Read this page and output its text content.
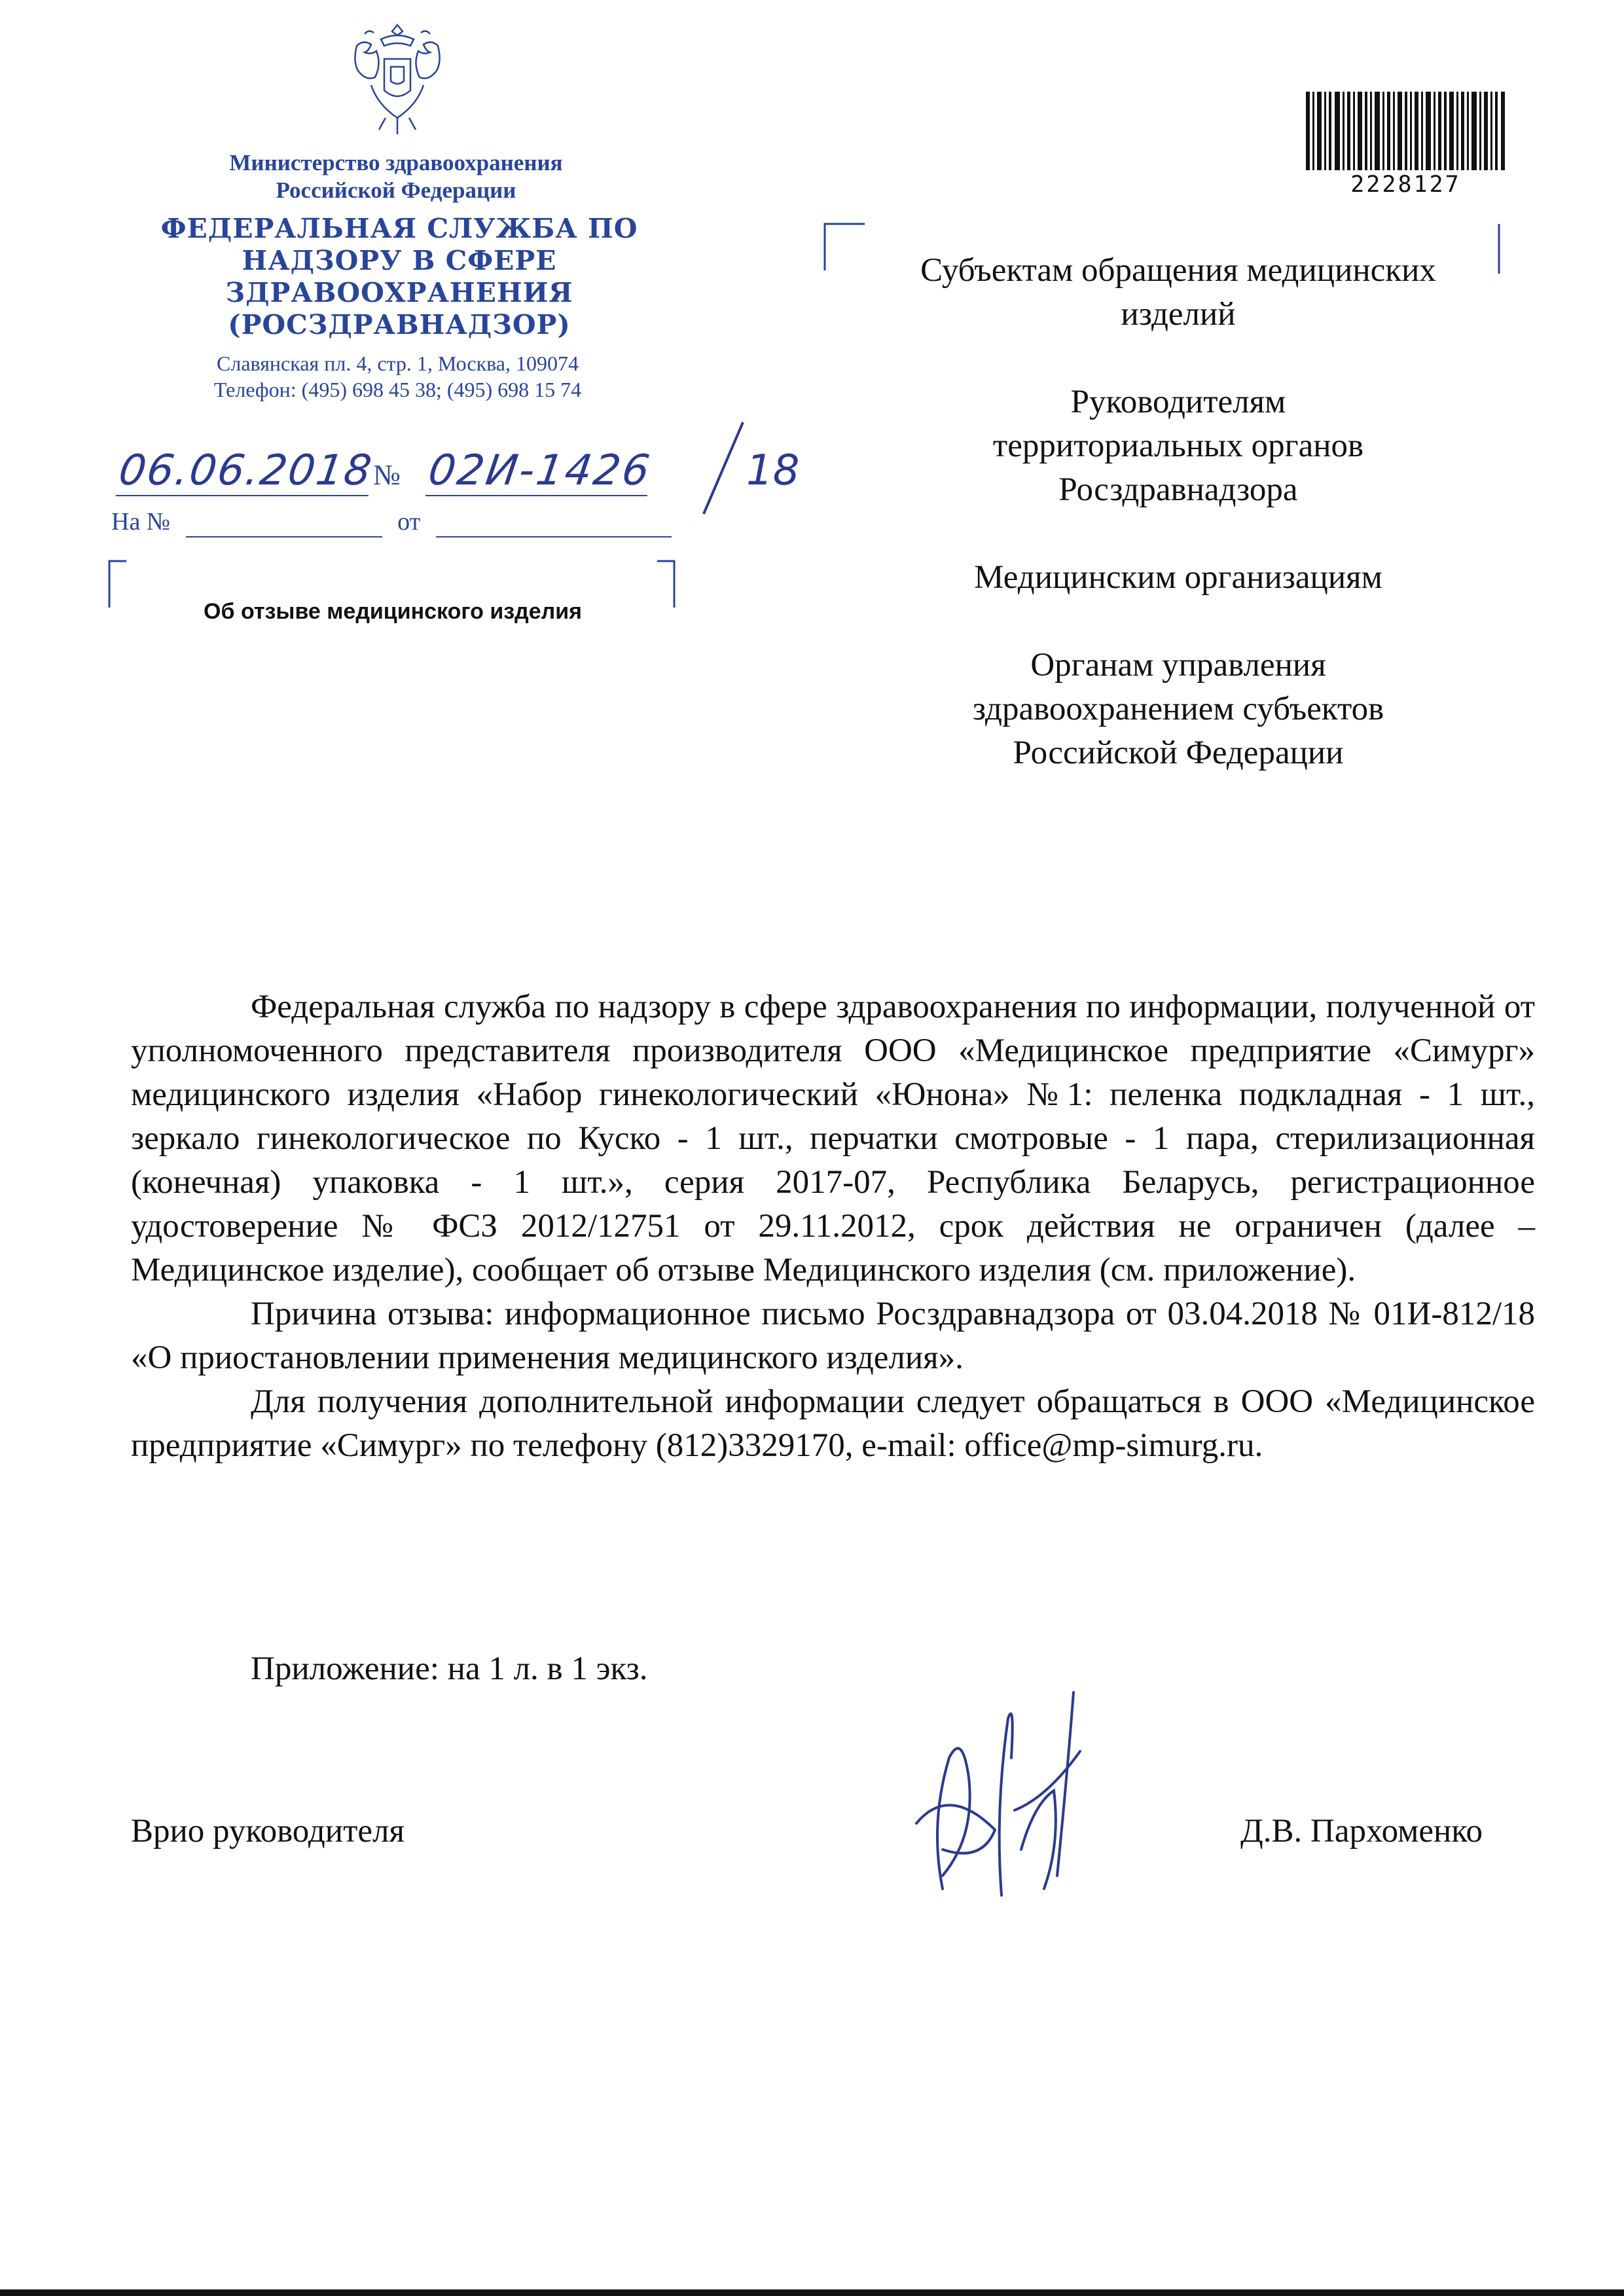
Министерство здравоохранения Российской Федерации
ФЕДЕРАЛЬНАЯ СЛУЖБА ПО НАДЗОРУ В СФЕРЕ ЗДРАВООХРАНЕНИЯ (РОСЗДРАВНАДЗОР)
Славянская пл. 4, стр. 1, Москва, 109074
Телефон: (495) 698 45 38; (495) 698 15 74
06.06.2018
№ 02И-1426 18
На №	от
Об отзыве медицинского изделия
2228127
Субъектам обращения медицинских изделий
Руководителям территориальных органов Росздравнадзора
Медицинским организациям
Органам управления здравоохранением субъектов Российской Федерации

Федеральная служба по надзору в сфере здравоохранения по информации, полученной от уполномоченного представителя производителя ООО «Медицинское предприятие «Симург» медицинского изделия «Набор гинекологический «Юнона» №1: пеленка подкладная - 1 шт., зеркало гинекологическое по Куско - 1 шт., перчатки смотровые - 1 пара, стерилизационная (конечная) упаковка - 1 шт.», серия 2017-07, Республика Беларусь, регистрационное удостоверение № ФСЗ 2012/12751 от 29.11.2012, срок действия не ограничен (далее – Медицинское изделие), сообщает об отзыве Медицинского изделия (см. приложение).

Причина отзыва: информационное письмо Росздравнадзора от 03.04.2018 № 01И-812/18 «О приостановлении применения медицинского изделия».

Для получения дополнительной информации следует обращаться в ООО «Медицинское предприятие «Симург» по телефону (812)3329170, e-mail: office@mp-simurg.ru.

Приложение: на 1 л. в 1 экз.
Врио руководителя	Д.В. Пархоменко
